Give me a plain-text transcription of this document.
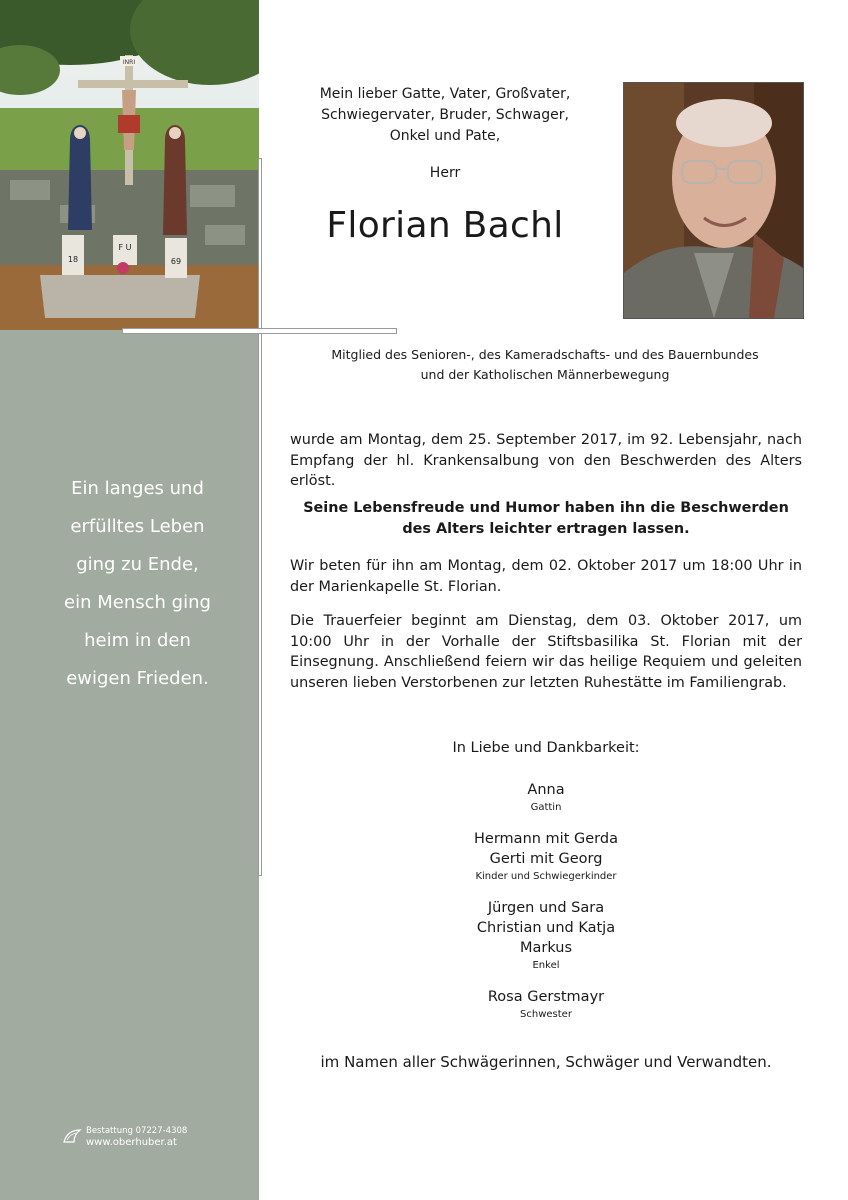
INRI
18	69
F U
Ein langes und
erfülltes Leben
ging zu Ende,
ein Mensch ging
heim in den
ewigen Frieden.
Bestattung 07227-4308
www.oberhuber.at
Mein lieber Gatte, Vater, Großvater,
Schwiegervater, Bruder, Schwager,
Onkel und Pate,
Herr
Florian Bachl
Mitglied des Senioren-, des Kameradschafts- und des Bauernbundes
und der Katholischen Männerbewegung
wurde am Montag, dem 25. September 2017, im 92. Lebensjahr, nach Empfang der hl. Krankensalbung von den Beschwerden des Alters erlöst.
Seine Lebensfreude und Humor haben ihn die Beschwerden
des Alters leichter ertragen lassen.
Wir beten für ihn am Montag, dem 02. Oktober 2017 um 18:00 Uhr in der Marienkapelle St. Florian.
Die Trauerfeier beginnt am Dienstag, dem 03. Oktober 2017, um 10:00 Uhr in der Vorhalle der Stiftsbasilika St. Florian mit der Einsegnung. Anschließend feiern wir das heilige Requiem und geleiten unseren lieben Verstorbenen zur letzten Ruhestätte im Familiengrab.
In Liebe und Dankbarkeit:
Anna
Gattin
Hermann mit Gerda
Gerti mit Georg
Kinder und Schwiegerkinder
Jürgen und Sara
Christian und Katja
Markus
Enkel
Rosa Gerstmayr
Schwester
im Namen aller Schwägerinnen, Schwäger und Verwandten.
